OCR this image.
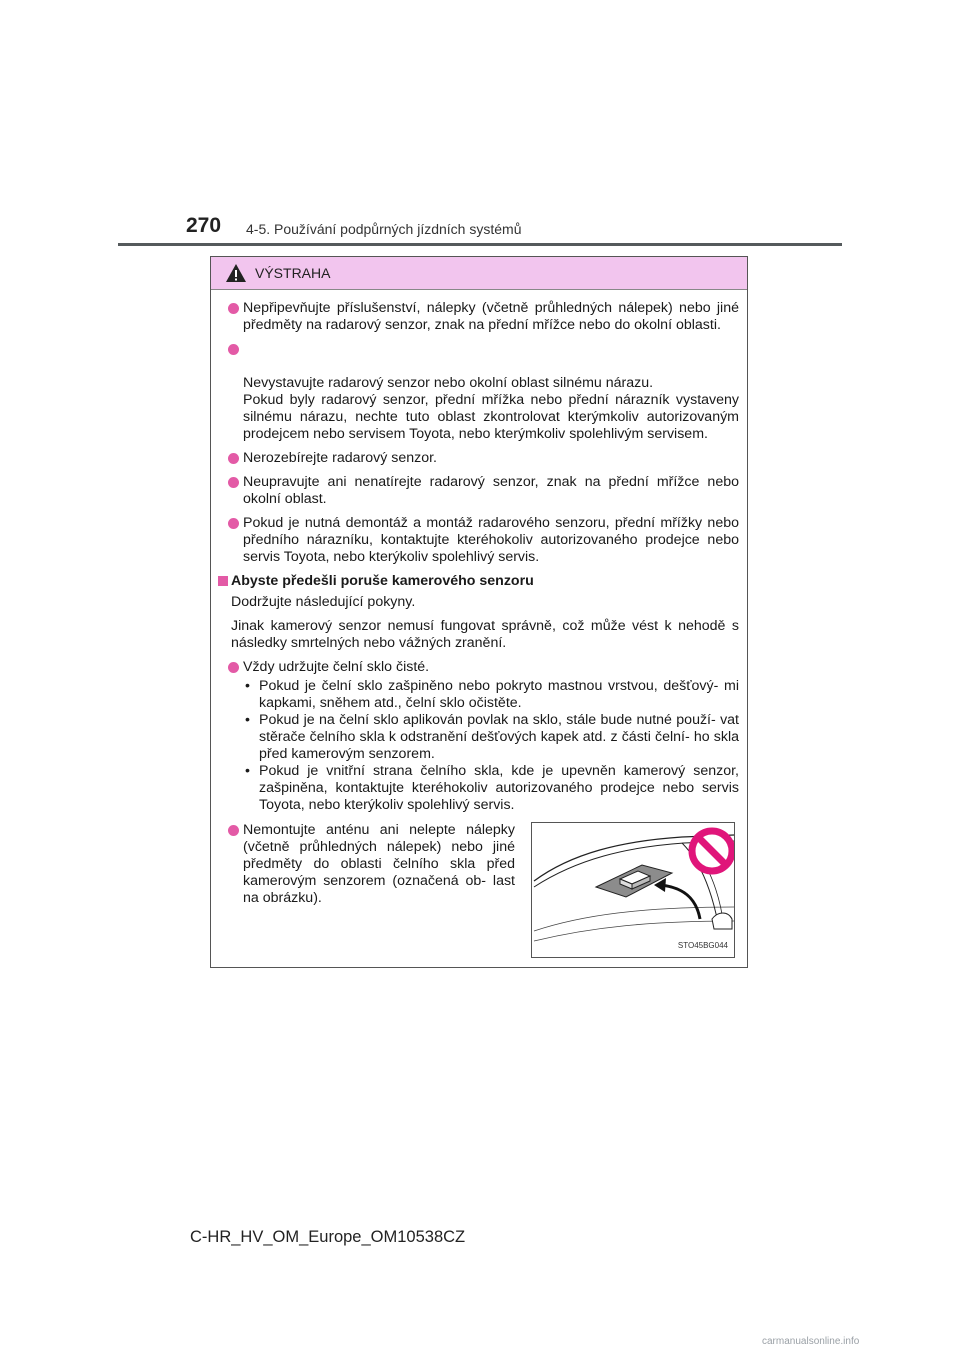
270 4-5. Používání podpůrných jízdních systémů
VÝSTRAHA
Nepřipevňujte příslušenství, nálepky (včetně průhledných nálepek) nebo jiné předměty na radarový senzor, znak na přední mřížce nebo do okolní oblasti.

Nevystavujte radarový senzor nebo okolní oblast silnému nárazu.
Pokud byly radarový senzor, přední mřížka nebo přední nárazník vystaveny silnému nárazu, nechte tuto oblast zkontrolovat kterýmkoliv autorizovaným prodejcem nebo servisem Toyota, nebo kterýmkoliv spolehlivým servisem.

Nerozebírejte radarový senzor.
Neupravujte ani nenatírejte radarový senzor, znak na přední mřížce nebo okolní oblast.
Pokud je nutná demontáž a montáž radarového senzoru, přední mřížky nebo předního nárazníku, kontaktujte kteréhokoliv autorizovaného prodejce nebo servis Toyota, nebo kterýkoliv spolehlivý servis.
Abyste předešli poruše kamerového senzoru
Dodržujte následující pokyny.
Jinak kamerový senzor nemusí fungovat správně, což může vést k nehodě s následky smrtelných nebo vážných zranění.
Vždy udržujte čelní sklo čisté.
• Pokud je čelní sklo zašpiněno nebo pokryto mastnou vrstvou, dešťový- mi kapkami, sněhem atd., čelní sklo očistěte.
• Pokud je na čelní sklo aplikován povlak na sklo, stále bude nutné použí- vat stěrače čelního skla k odstranění dešťových kapek atd. z části čelní- ho skla před kamerovým senzorem.
• Pokud je vnitřní strana čelního skla, kde je upevněn kamerový senzor, zašpiněna, kontaktujte kteréhokoliv autorizovaného prodejce nebo servis Toyota, nebo kterýkoliv spolehlivý servis.
Nemontujte anténu ani nelepte nálepky (včetně průhledných nálepek) nebo jiné předměty do oblasti čelního skla před kamerovým senzorem (označená ob- last na obrázku).
STO45BG044
C-HR_HV_OM_Europe_OM10538CZ
carmanualsonline.info
